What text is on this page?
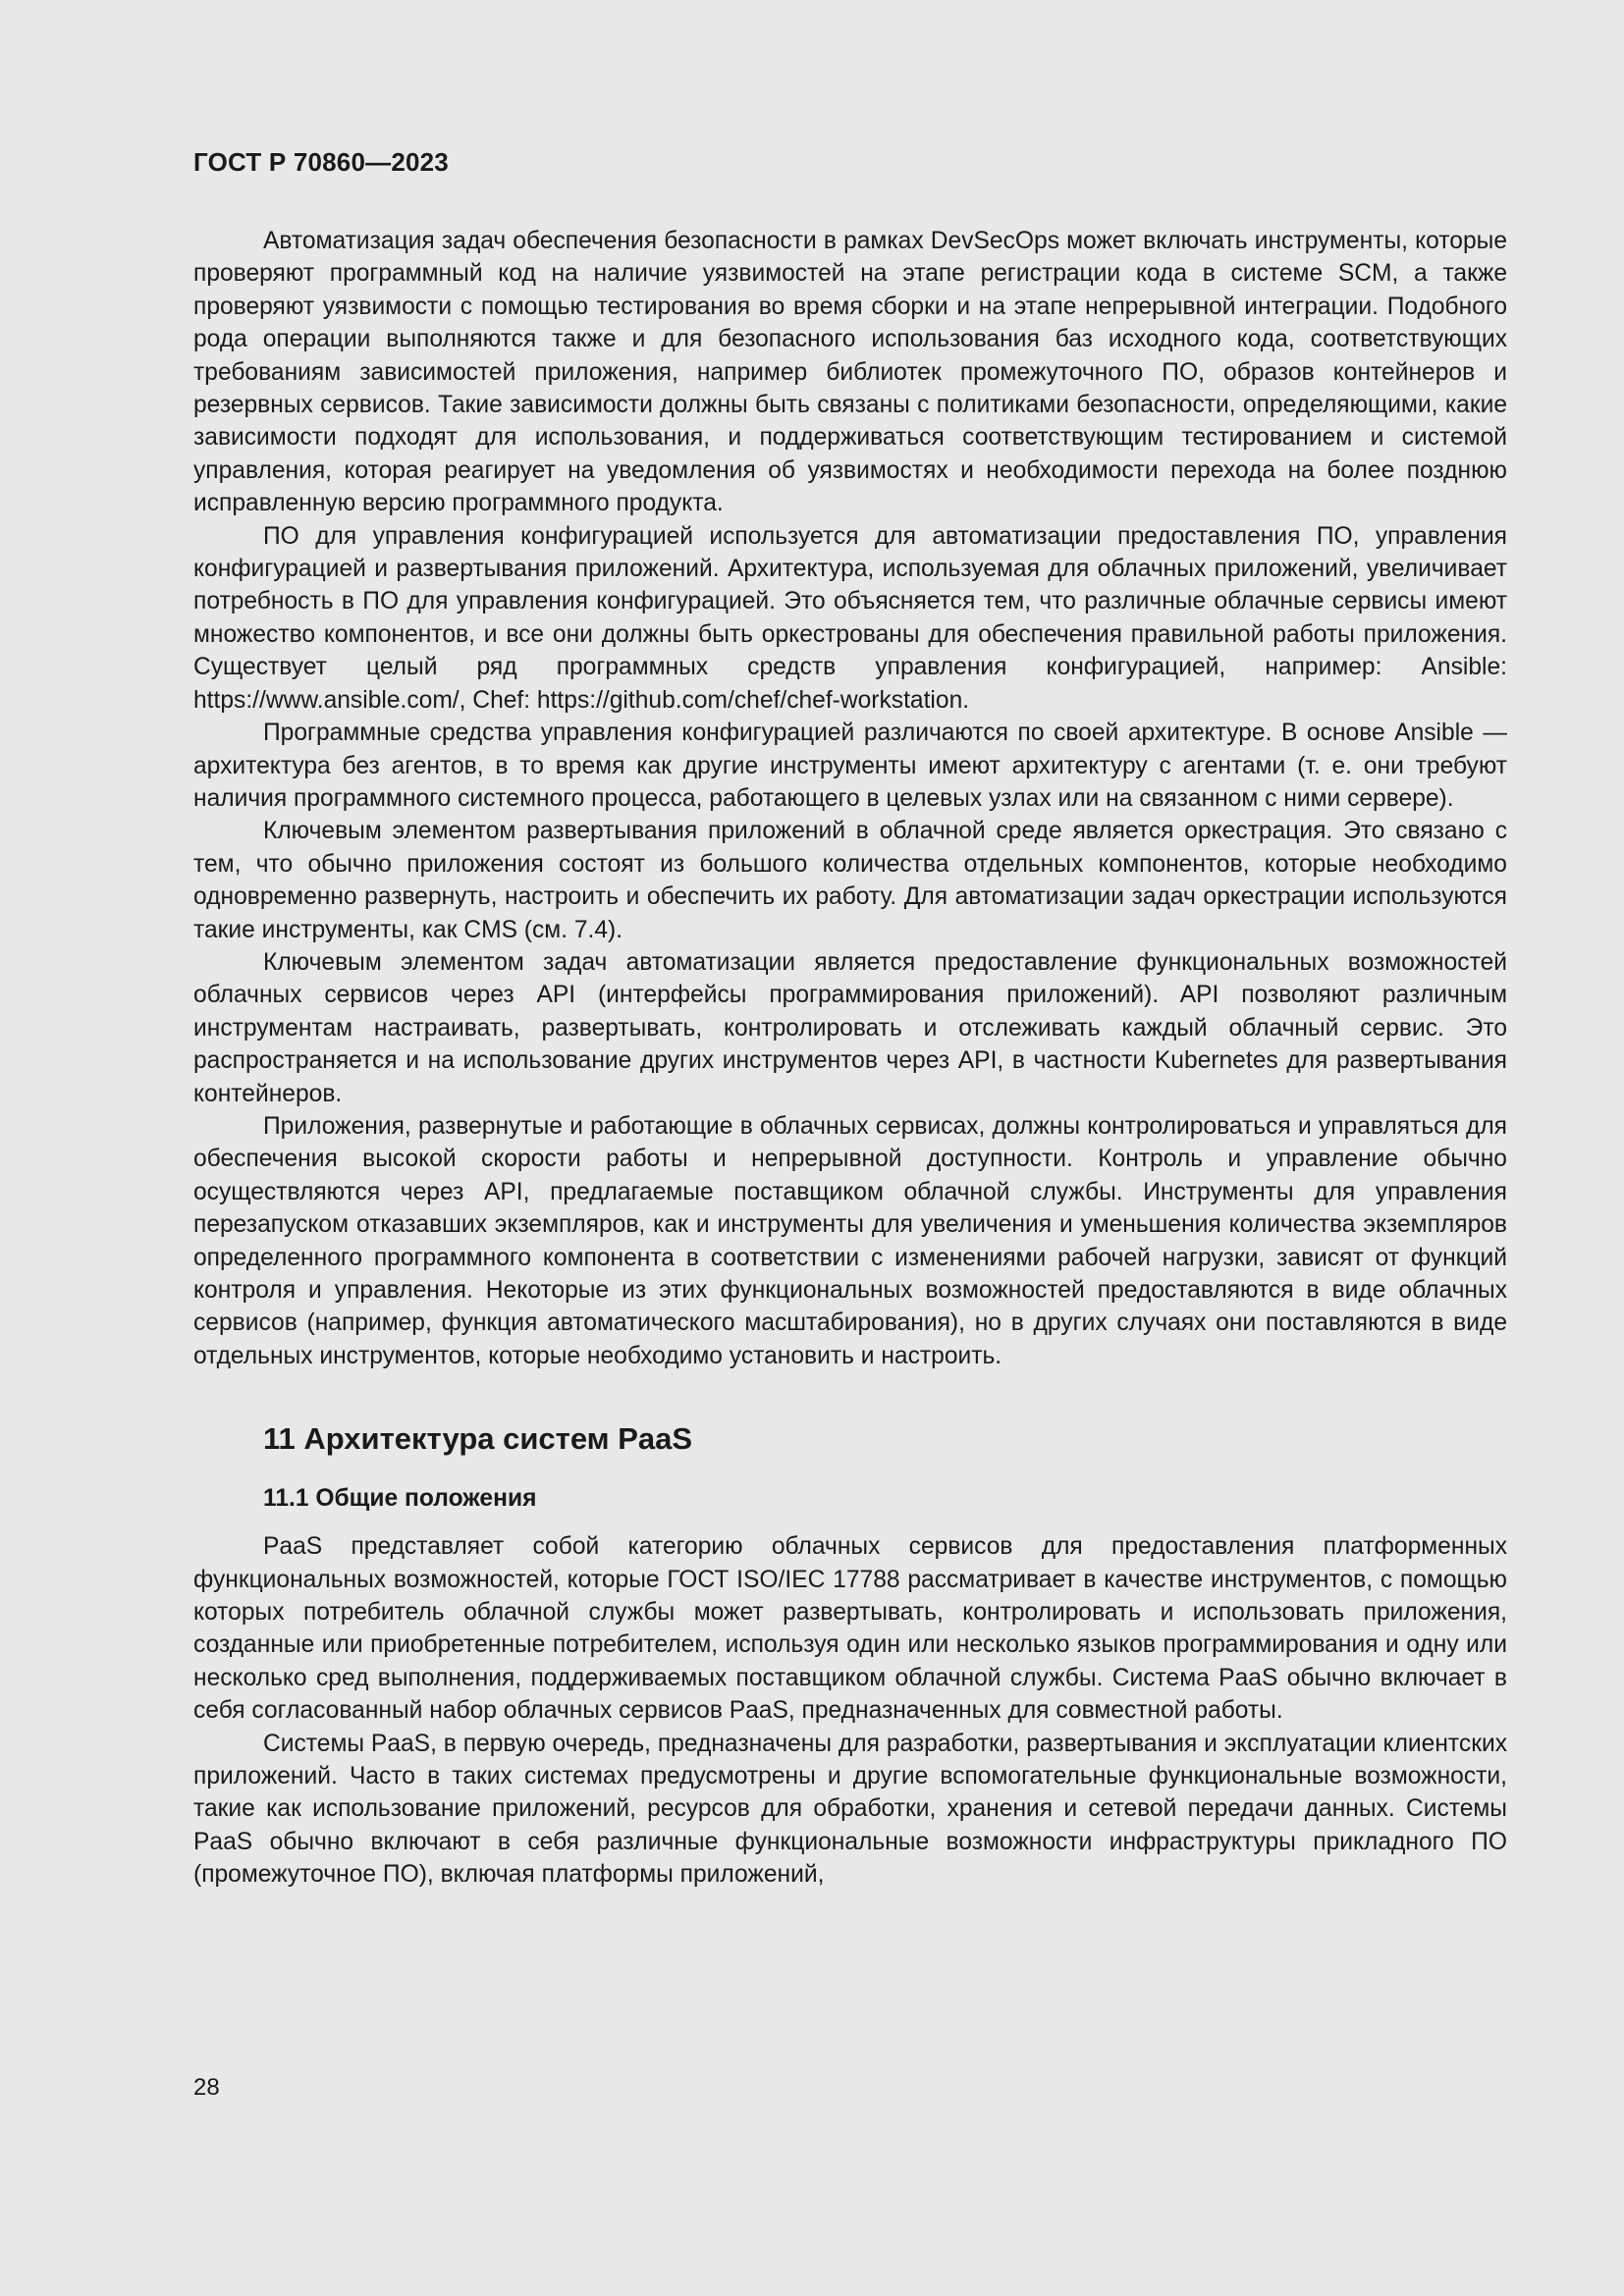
ГОСТ Р 70860—2023

Автоматизация задач обеспечения безопасности в рамках DevSecOps может включать инструменты, которые проверяют программный код на наличие уязвимостей на этапе регистрации кода в системе SCM, а также проверяют уязвимости с помощью тестирования во время сборки и на этапе непрерывной интеграции. Подобного рода операции выполняются также и для безопасного использования баз исходного кода, соответствующих требованиям зависимостей приложения, например библиотек промежуточного ПО, образов контейнеров и резервных сервисов. Такие зависимости должны быть связаны с политиками безопасности, определяющими, какие зависимости подходят для использования, и поддерживаться соответствующим тестированием и системой управления, которая реагирует на уведомления об уязвимостях и необходимости перехода на более позднюю исправленную версию программного продукта.

ПО для управления конфигурацией используется для автоматизации предоставления ПО, управления конфигурацией и развертывания приложений. Архитектура, используемая для облачных приложений, увеличивает потребность в ПО для управления конфигурацией. Это объясняется тем, что различные облачные сервисы имеют множество компонентов, и все они должны быть оркестрованы для обеспечения правильной работы приложения. Существует целый ряд программных средств управления конфигурацией, например: Ansible: https://www.ansible.com/, Chef: https://github.com/chef/chef-workstation.

Программные средства управления конфигурацией различаются по своей архитектуре. В основе Ansible — архитектура без агентов, в то время как другие инструменты имеют архитектуру с агентами (т. е. они требуют наличия программного системного процесса, работающего в целевых узлах или на связанном с ними сервере).

Ключевым элементом развертывания приложений в облачной среде является оркестрация. Это связано с тем, что обычно приложения состоят из большого количества отдельных компонентов, которые необходимо одновременно развернуть, настроить и обеспечить их работу. Для автоматизации задач оркестрации используются такие инструменты, как CMS (см. 7.4).

Ключевым элементом задач автоматизации является предоставление функциональных возможностей облачных сервисов через API (интерфейсы программирования приложений). API позволяют различным инструментам настраивать, развертывать, контролировать и отслеживать каждый облачный сервис. Это распространяется и на использование других инструментов через API, в частности Kubernetes для развертывания контейнеров.

Приложения, развернутые и работающие в облачных сервисах, должны контролироваться и управляться для обеспечения высокой скорости работы и непрерывной доступности. Контроль и управление обычно осуществляются через API, предлагаемые поставщиком облачной службы. Инструменты для управления перезапуском отказавших экземпляров, как и инструменты для увеличения и уменьшения количества экземпляров определенного программного компонента в соответствии с изменениями рабочей нагрузки, зависят от функций контроля и управления. Некоторые из этих функциональных возможностей предоставляются в виде облачных сервисов (например, функция автоматического масштабирования), но в других случаях они поставляются в виде отдельных инструментов, которые необходимо установить и настроить.

11 Архитектура систем PaaS
11.1 Общие положения

PaaS представляет собой категорию облачных сервисов для предоставления платформенных функциональных возможностей, которые ГОСТ ISO/IEC 17788 рассматривает в качестве инструментов, с помощью которых потребитель облачной службы может развертывать, контролировать и использовать приложения, созданные или приобретенные потребителем, используя один или несколько языков программирования и одну или несколько сред выполнения, поддерживаемых поставщиком облачной службы. Система PaaS обычно включает в себя согласованный набор облачных сервисов PaaS, предназначенных для совместной работы.

Системы PaaS, в первую очередь, предназначены для разработки, развертывания и эксплуатации клиентских приложений. Часто в таких системах предусмотрены и другие вспомогательные функциональные возможности, такие как использование приложений, ресурсов для обработки, хранения и сетевой передачи данных. Системы PaaS обычно включают в себя различные функциональные возможности инфраструктуры прикладного ПО (промежуточное ПО), включая платформы приложений,

28
